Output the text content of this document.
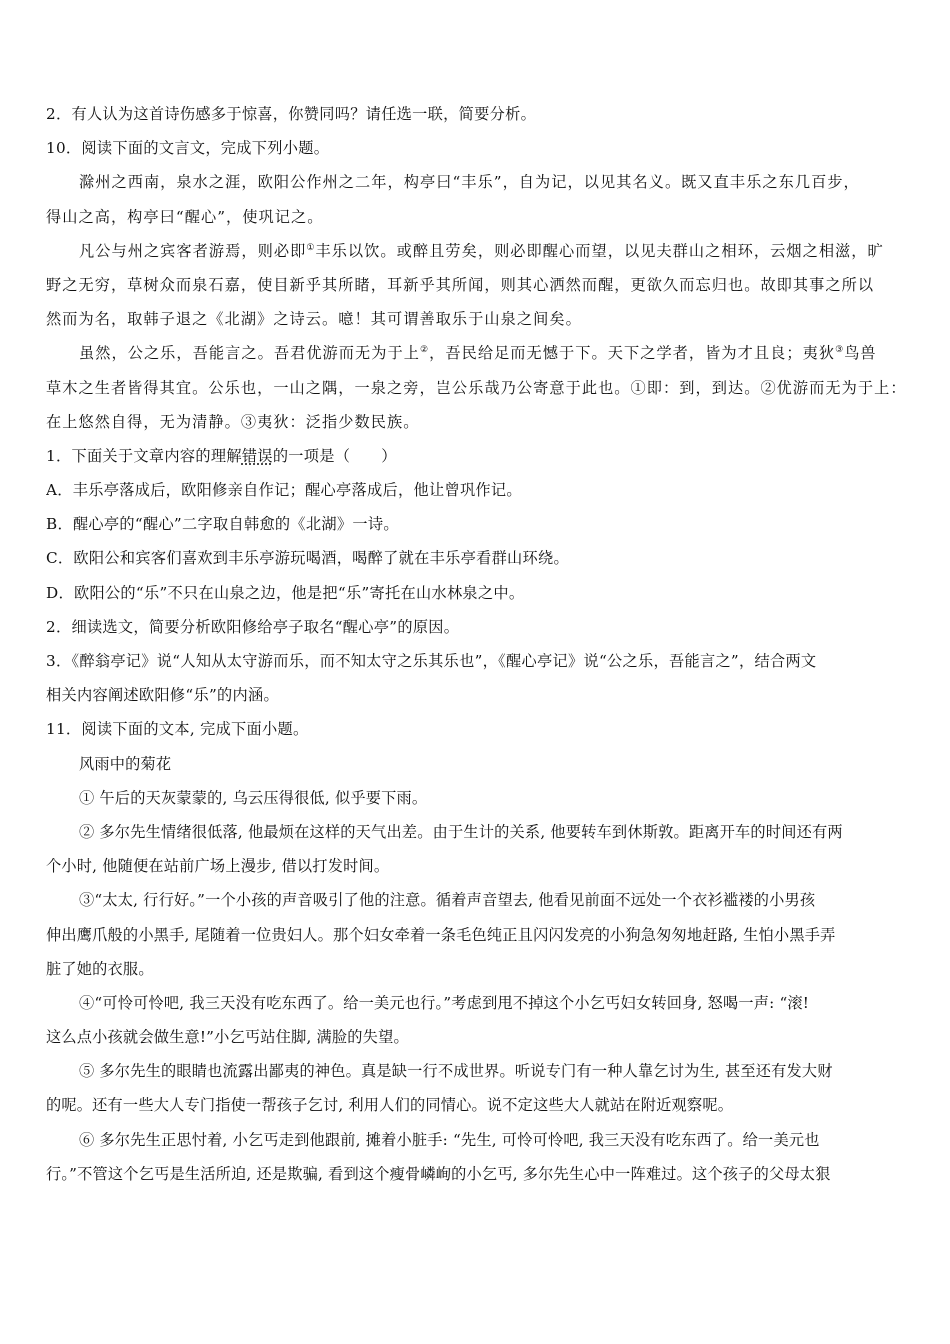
2．有人认为这首诗伤感多于惊喜，你赞同吗？请任选一联，简要分析。
10．阅读下面的文言文，完成下列小题。
滁州之西南，泉水之涯，欧阳公作州之二年，构亭曰“丰乐”，自为记，以见其名义。既又直丰乐之东几百步，
得山之高，构亭曰“醒心”，使巩记之。
凡公与州之宾客者游焉，则必即①丰乐以饮。或醉且劳矣，则必即醒心而望，以见夫群山之相环，云烟之相滋，旷
野之无穷，草树众而泉石嘉，使目新乎其所睹，耳新乎其所闻，则其心洒然而醒，更欲久而忘归也。故即其事之所以
然而为名，取韩子退之《北湖》之诗云。噫！其可谓善取乐于山泉之间矣。
虽然，公之乐，吾能言之。吾君优游而无为于上②，吾民给足而无憾于下。天下之学者，皆为才且良；夷狄③鸟兽
草木之生者皆得其宜。公乐也，一山之隅，一泉之旁，岂公乐哉乃公寄意于此也。①即：到，到达。②优游而无为于上：
在上悠然自得，无为清静。③夷狄：泛指少数民族。
1．下面关于文章内容的理解错误的一项是（　　）
A．丰乐亭落成后，欧阳修亲自作记；醒心亭落成后，他让曾巩作记。
B．醒心亭的“醒心”二字取自韩愈的《北湖》一诗。
C．欧阳公和宾客们喜欢到丰乐亭游玩喝酒，喝醉了就在丰乐亭看群山环绕。
D．欧阳公的“乐”不只在山泉之边，他是把“乐”寄托在山水林泉之中。
2．细读选文，简要分析欧阳修给亭子取名“醒心亭”的原因。
3．《醉翁亭记》说“人知从太守游而乐，而不知太守之乐其乐也”，《醒心亭记》说“公之乐，吾能言之”，结合两文
相关内容阐述欧阳修“乐”的内涵。
11．阅读下面的文本, 完成下面小题。
风雨中的菊花
① 午后的天灰蒙蒙的, 乌云压得很低, 似乎要下雨。
② 多尔先生情绪很低落, 他最烦在这样的天气出差。由于生计的关系, 他要转车到休斯敦。距离开车的时间还有两
个小时, 他随便在站前广场上漫步, 借以打发时间。
③“太太, 行行好。”一个小孩的声音吸引了他的注意。循着声音望去, 他看见前面不远处一个衣衫褴褛的小男孩
伸出鹰爪般的小黑手, 尾随着一位贵妇人。那个妇女牵着一条毛色纯正且闪闪发亮的小狗急匆匆地赶路, 生怕小黑手弄
脏了她的衣服。
④“可怜可怜吧, 我三天没有吃东西了。给一美元也行。”考虑到甩不掉这个小乞丐妇女转回身, 怒喝一声: “滚!
这么点小孩就会做生意!”小乞丐站住脚, 满脸的失望。
⑤ 多尔先生的眼睛也流露出鄙夷的神色。真是缺一行不成世界。听说专门有一种人靠乞讨为生, 甚至还有发大财
的呢。还有一些大人专门指使一帮孩子乞讨, 利用人们的同情心。说不定这些大人就站在附近观察呢。
⑥ 多尔先生正思忖着, 小乞丐走到他跟前, 摊着小脏手: “先生, 可怜可怜吧, 我三天没有吃东西了。给一美元也
行。”不管这个乞丐是生活所迫, 还是欺骗, 看到这个瘦骨嶙峋的小乞丐, 多尔先生心中一阵难过。这个孩子的父母太狠
